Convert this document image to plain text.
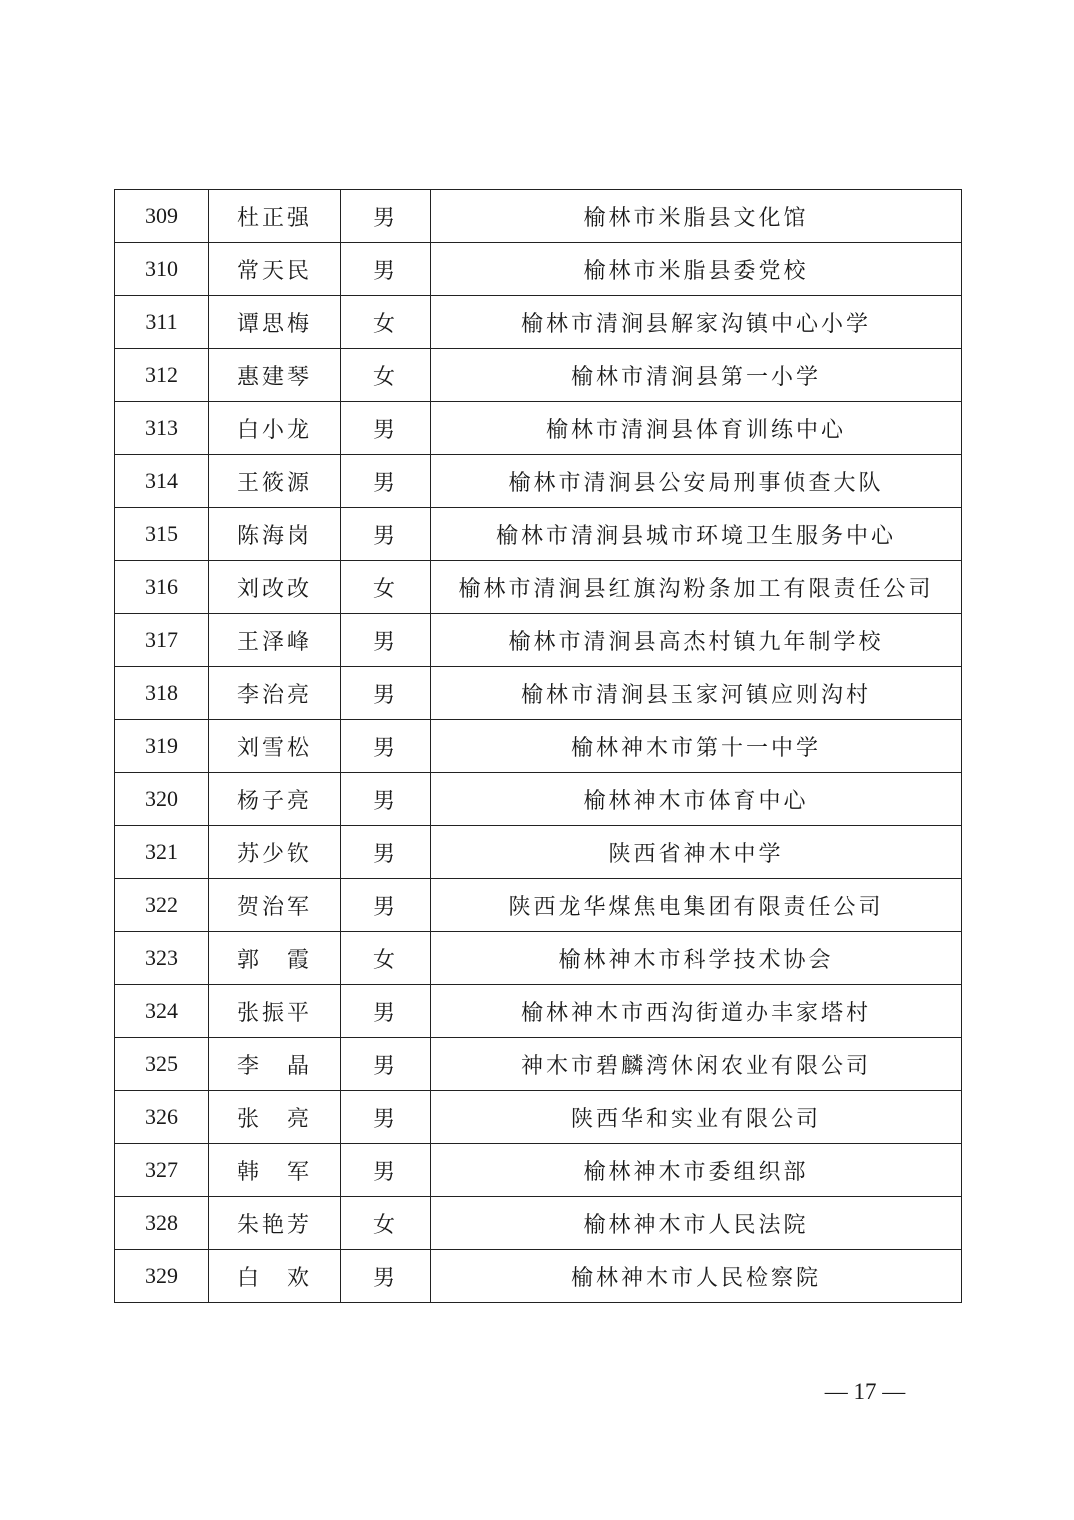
309	杜正强	男	榆林市米脂县文化馆
310	常天民	男	榆林市米脂县委党校
311	谭思梅	女	榆林市清涧县解家沟镇中心小学
312	惠建琴	女	榆林市清涧县第一小学
313	白小龙	男	榆林市清涧县体育训练中心
314	王筱源	男	榆林市清涧县公安局刑事侦查大队
315	陈海岗	男	榆林市清涧县城市环境卫生服务中心
316	刘改改	女	榆林市清涧县红旗沟粉条加工有限责任公司
317	王泽峰	男	榆林市清涧县高杰村镇九年制学校
318	李治亮	男	榆林市清涧县玉家河镇应则沟村
319	刘雪松	男	榆林神木市第十一中学
320	杨子亮	男	榆林神木市体育中心
321	苏少钦	男	陕西省神木中学
322	贺治军	男	陕西龙华煤焦电集团有限责任公司
323	郭　霞	女	榆林神木市科学技术协会
324	张振平	男	榆林神木市西沟街道办丰家塔村
325	李　晶	男	神木市碧麟湾休闲农业有限公司
326	张　亮	男	陕西华和实业有限公司
327	韩　军	男	榆林神木市委组织部
328	朱艳芳	女	榆林神木市人民法院
329	白　欢	男	榆林神木市人民检察院
— 17 —
